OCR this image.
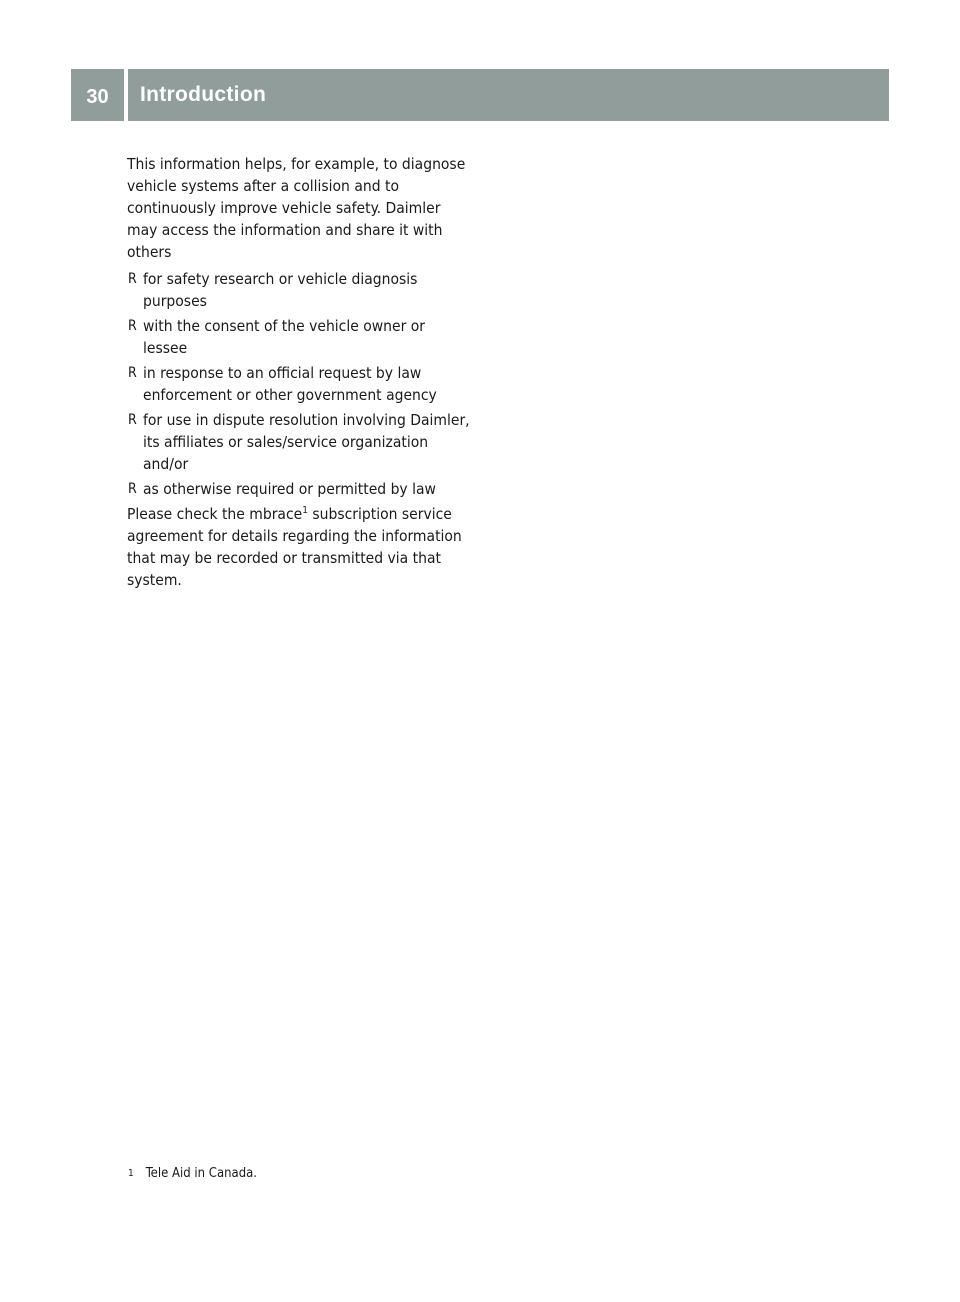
30	Introduction

This information helps, for example, to diagnose vehicle systems after a collision and to continuously improve vehicle safety. Daimler may access the information and share it with others

R for safety research or vehicle diagnosis purposes
R with the consent of the vehicle owner or lessee
R in response to an official request by law enforcement or other government agency
R for use in dispute resolution involving Daimler, its affiliates or sales/service organization and/or
R as otherwise required or permitted by law

Please check the mbrace$^1$ subscription service agreement for details regarding the information that may be recorded or transmitted via that system.

$^1$ Tele Aid in Canada.
